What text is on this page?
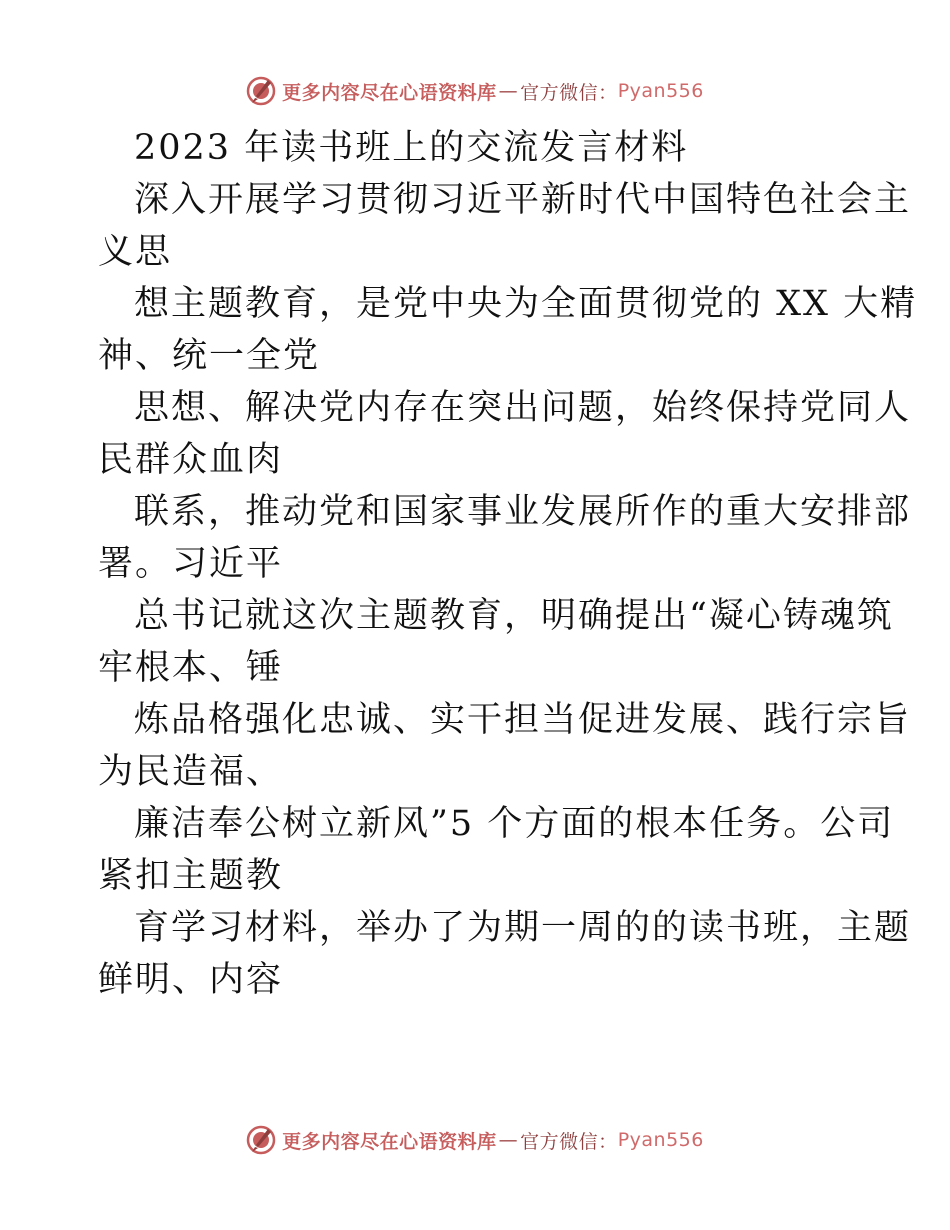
更多内容尽在心语资料库 — 官方微信： Pyan556
2023 年读书班上的交流发言材料
深入开展学习贯彻习近平新时代中国特色社会主
义思
想主题教育，是党中央为全面贯彻党的 XX 大精
神、统一全党
思想、解决党内存在突出问题，始终保持党同人
民群众血肉
联系，推动党和国家事业发展所作的重大安排部
署。习近平
总书记就这次主题教育，明确提出“凝心铸魂筑
牢根本、锤
炼品格强化忠诚、实干担当促进发展、践行宗旨
为民造福、
廉洁奉公树立新风”5 个方面的根本任务。公司
紧扣主题教
育学习材料，举办了为期一周的的读书班，主题
鲜明、内容
更多内容尽在心语资料库 — 官方微信： Pyan556
